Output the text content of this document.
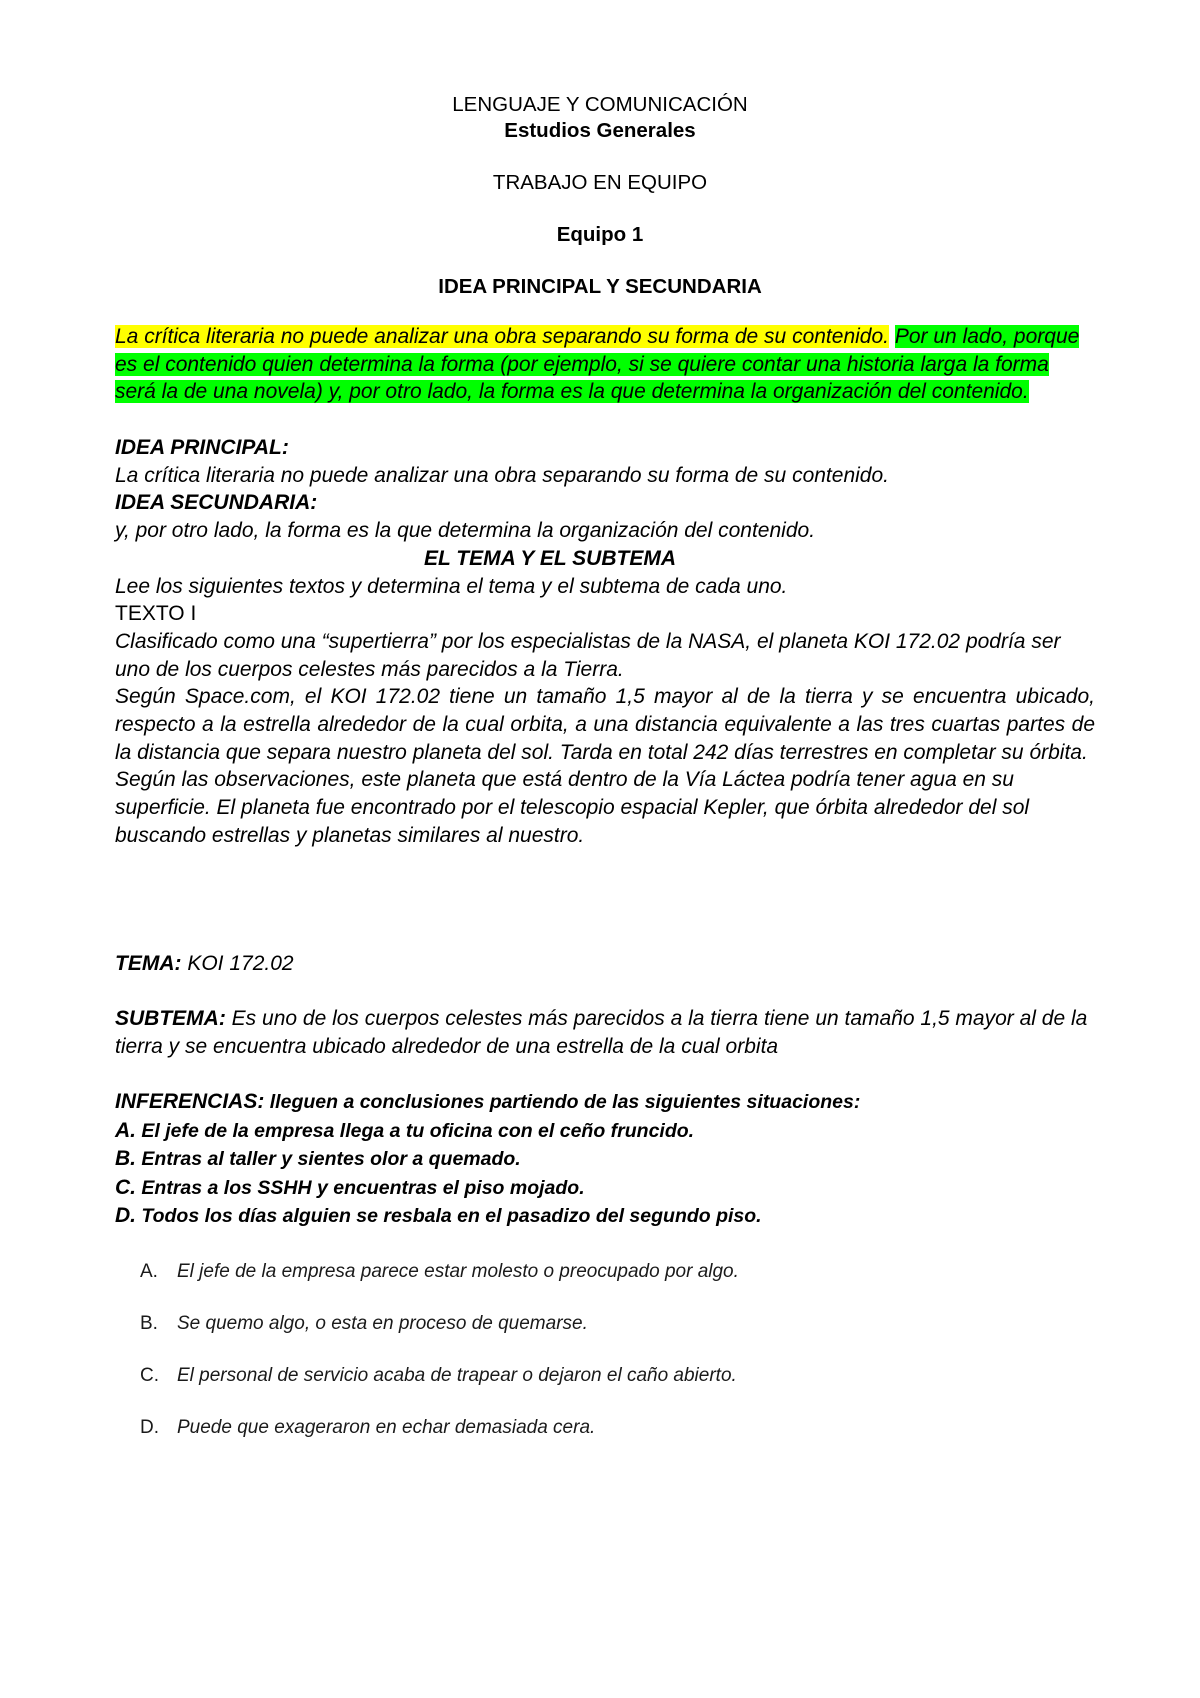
LENGUAJE Y COMUNICACIÓN
Estudios Generales
TRABAJO EN EQUIPO
Equipo 1
IDEA PRINCIPAL Y SECUNDARIA

La crítica literaria no puede analizar una obra separando su forma de su contenido. Por un lado, porque es el contenido quien determina la forma (por ejemplo, si se quiere contar una historia larga la forma será la de una novela) y, por otro lado, la forma es la que determina la organización del contenido.

IDEA PRINCIPAL:

La crítica literaria no puede analizar una obra separando su forma de su contenido.

IDEA SECUNDARIA:

y, por otro lado, la forma es la que determina la organización del contenido.

EL TEMA Y EL SUBTEMA

Lee los siguientes textos y determina el tema y el subtema de cada uno.

TEXTO I

Clasificado como una “supertierra” por los especialistas de la NASA, el planeta KOI 172.02 podría ser uno de los cuerpos celestes más parecidos a la Tierra.

Según Space.com, el KOI 172.02 tiene un tamaño 1,5 mayor al de la tierra y se encuentra ubicado, respecto a la estrella alrededor de la cual orbita, a una distancia equivalente a las tres cuartas partes de la distancia que separa nuestro planeta del sol. Tarda en total 242 días terrestres en completar su órbita.

Según las observaciones, este planeta que está dentro de la Vía Láctea podría tener agua en su superficie. El planeta fue encontrado por el telescopio espacial Kepler, que órbita alrededor del sol buscando estrellas y planetas similares al nuestro.

TEMA: KOI 172.02

SUBTEMA: Es uno de los cuerpos celestes más parecidos a la tierra tiene un tamaño 1,5 mayor al de la tierra y se encuentra ubicado alrededor de una estrella de la cual orbita

INFERENCIAS: lleguen a conclusiones partiendo de las siguientes situaciones:

A. El jefe de la empresa llega a tu oficina con el ceño fruncido.

B. Entras al taller y sientes olor a quemado.

C. Entras a los SSHH y encuentras el piso mojado.

D. Todos los días alguien se resbala en el pasadizo del segundo piso.

A. El jefe de la empresa parece estar molesto o preocupado por algo.
B. Se quemo algo, o esta en proceso de quemarse.
C. El personal de servicio acaba de trapear o dejaron el caño abierto.
D. Puede que exageraron en echar demasiada cera.
